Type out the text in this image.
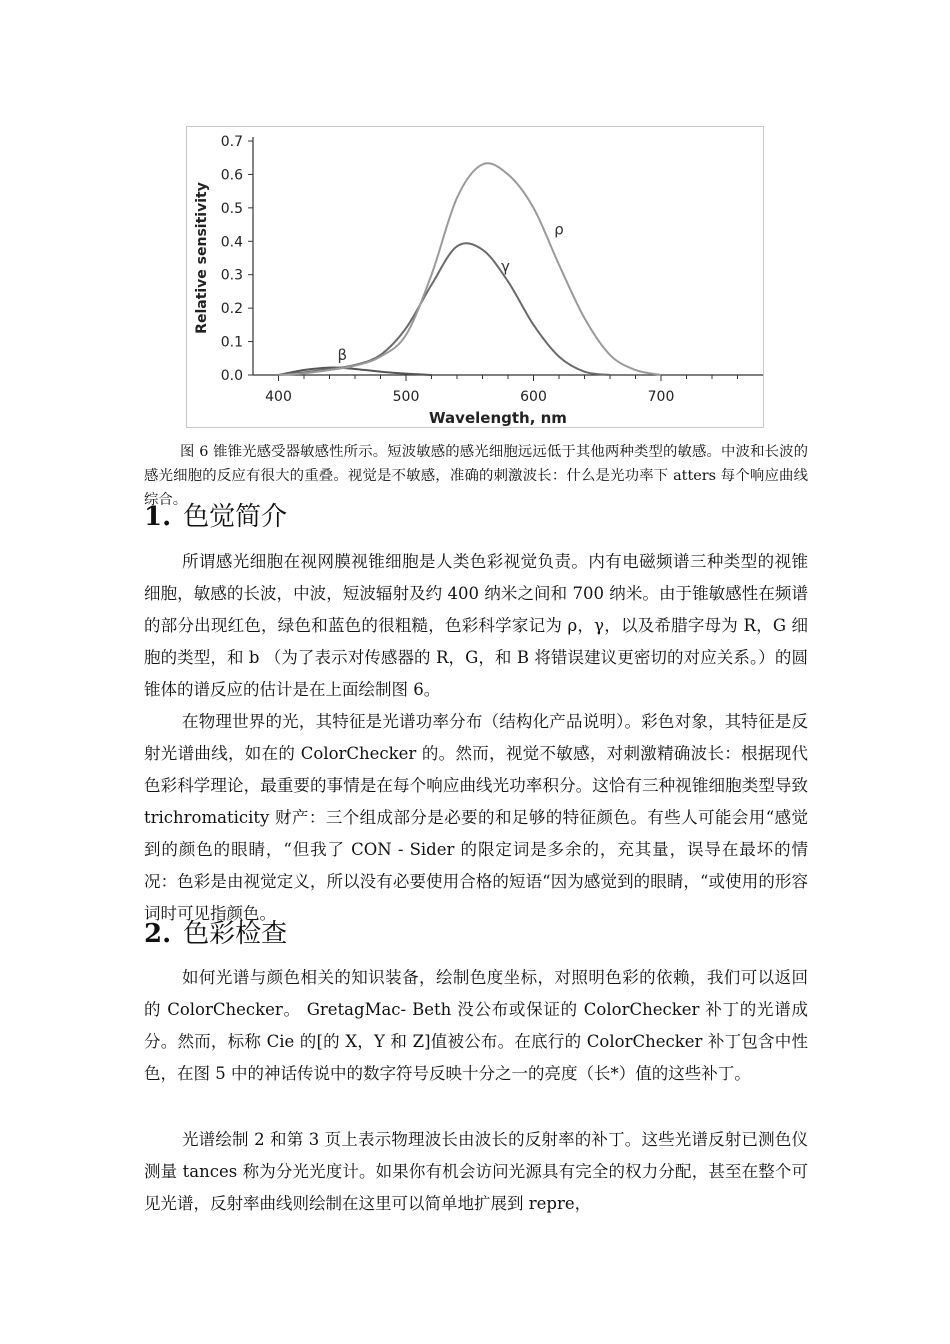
0.0
0.1
0.2
0.3
0.4
0.5
0.6
0.7
400	500	600	700
Wavelength, nm
Relative sensitivity
β
γ
ρ
图 6 锥锥光感受器敏感性所示。短波敏感的感光细胞远远低于其他两种类型的敏感。中波和长波的感光细胞的反应有很大的重叠。视觉是不敏感，准确的刺激波长：什么是光功率下 atters 每个响应曲线综合。
1. 色觉简介

所谓感光细胞在视网膜视锥细胞是人类色彩视觉负责。内有电磁频谱三种类型的视锥细胞，敏感的长波，中波，短波辐射及约 400 纳米之间和 700 纳米。由于锥敏感性在频谱的部分出现红色，绿色和蓝色的很粗糙，色彩科学家记为 ρ，γ，以及希腊字母为 R，G 细胞的类型，和 b （为了表示对传感器的 R，G，和 B 将错误建议更密切的对应关系。）的圆锥体的谱反应的估计是在上面绘制图 6。

在物理世界的光，其特征是光谱功率分布（结构化产品说明）。彩色对象，其特征是反射光谱曲线，如在的 ColorChecker 的。然而，视觉不敏感，对刺激精确波长：根据现代色彩科学理论，最重要的事情是在每个响应曲线光功率积分。这恰有三种视锥细胞类型导致 trichromaticity 财产：三个组成部分是必要的和足够的特征颜色。有些人可能会用“感觉到的颜色的眼睛，“但我了 CON - Sider 的限定词是多余的，充其量，误导在最坏的情况：色彩是由视觉定义，所以没有必要使用合格的短语“因为感觉到的眼睛，“或使用的形容词时可见指颜色。

2. 色彩检查

如何光谱与颜色相关的知识装备，绘制色度坐标，对照明色彩的依赖，我们可以返回的 ColorChecker。 GretagMac- Beth 没公布或保证的 ColorChecker 补丁的光谱成分。然而，标称 Cie 的[的 X，Y 和 Z]值被公布。在底行的 ColorChecker 补丁包含中性色，在图 5 中的神话传说中的数字符号反映十分之一的亮度（长*）值的这些补丁。

光谱绘制 2 和第 3 页上表示物理波长由波长的反射率的补丁。这些光谱反射已测色仪测量 tances 称为分光光度计。如果你有机会访问光源具有完全的权力分配，甚至在整个可见光谱，反射率曲线则绘制在这里可以简单地扩展到 repre，
